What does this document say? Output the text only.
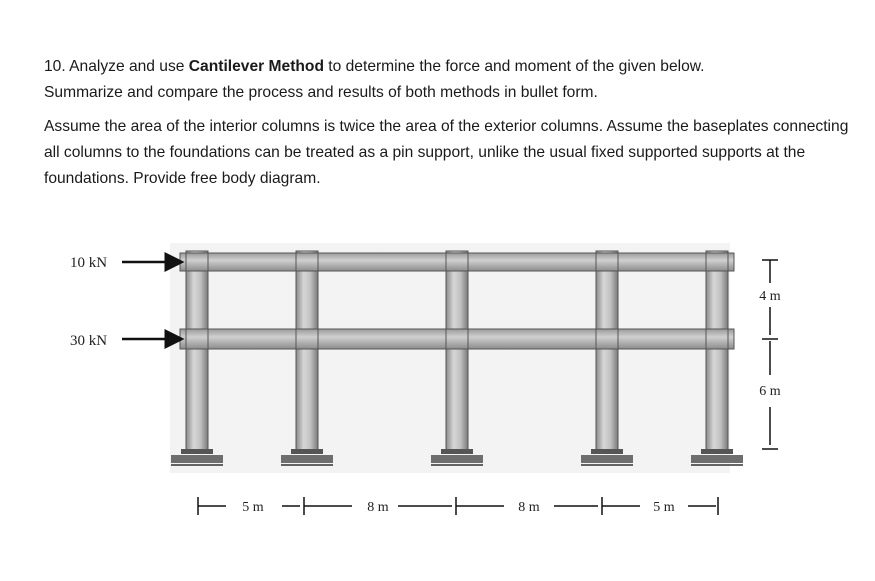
10. Analyze and use Cantilever Method to determine the force and moment of the given below.
Summarize and compare the process and results of both methods in bullet form.

Assume the area of the interior columns is twice the area of the exterior columns. Assume the baseplates connecting all columns to the foundations can be treated as a pin support, unlike the usual fixed supported supports at the foundations. Provide free body diagram.

10 kN
30 kN
4 m
6 m
5 m	8 m	8 m	5 m
